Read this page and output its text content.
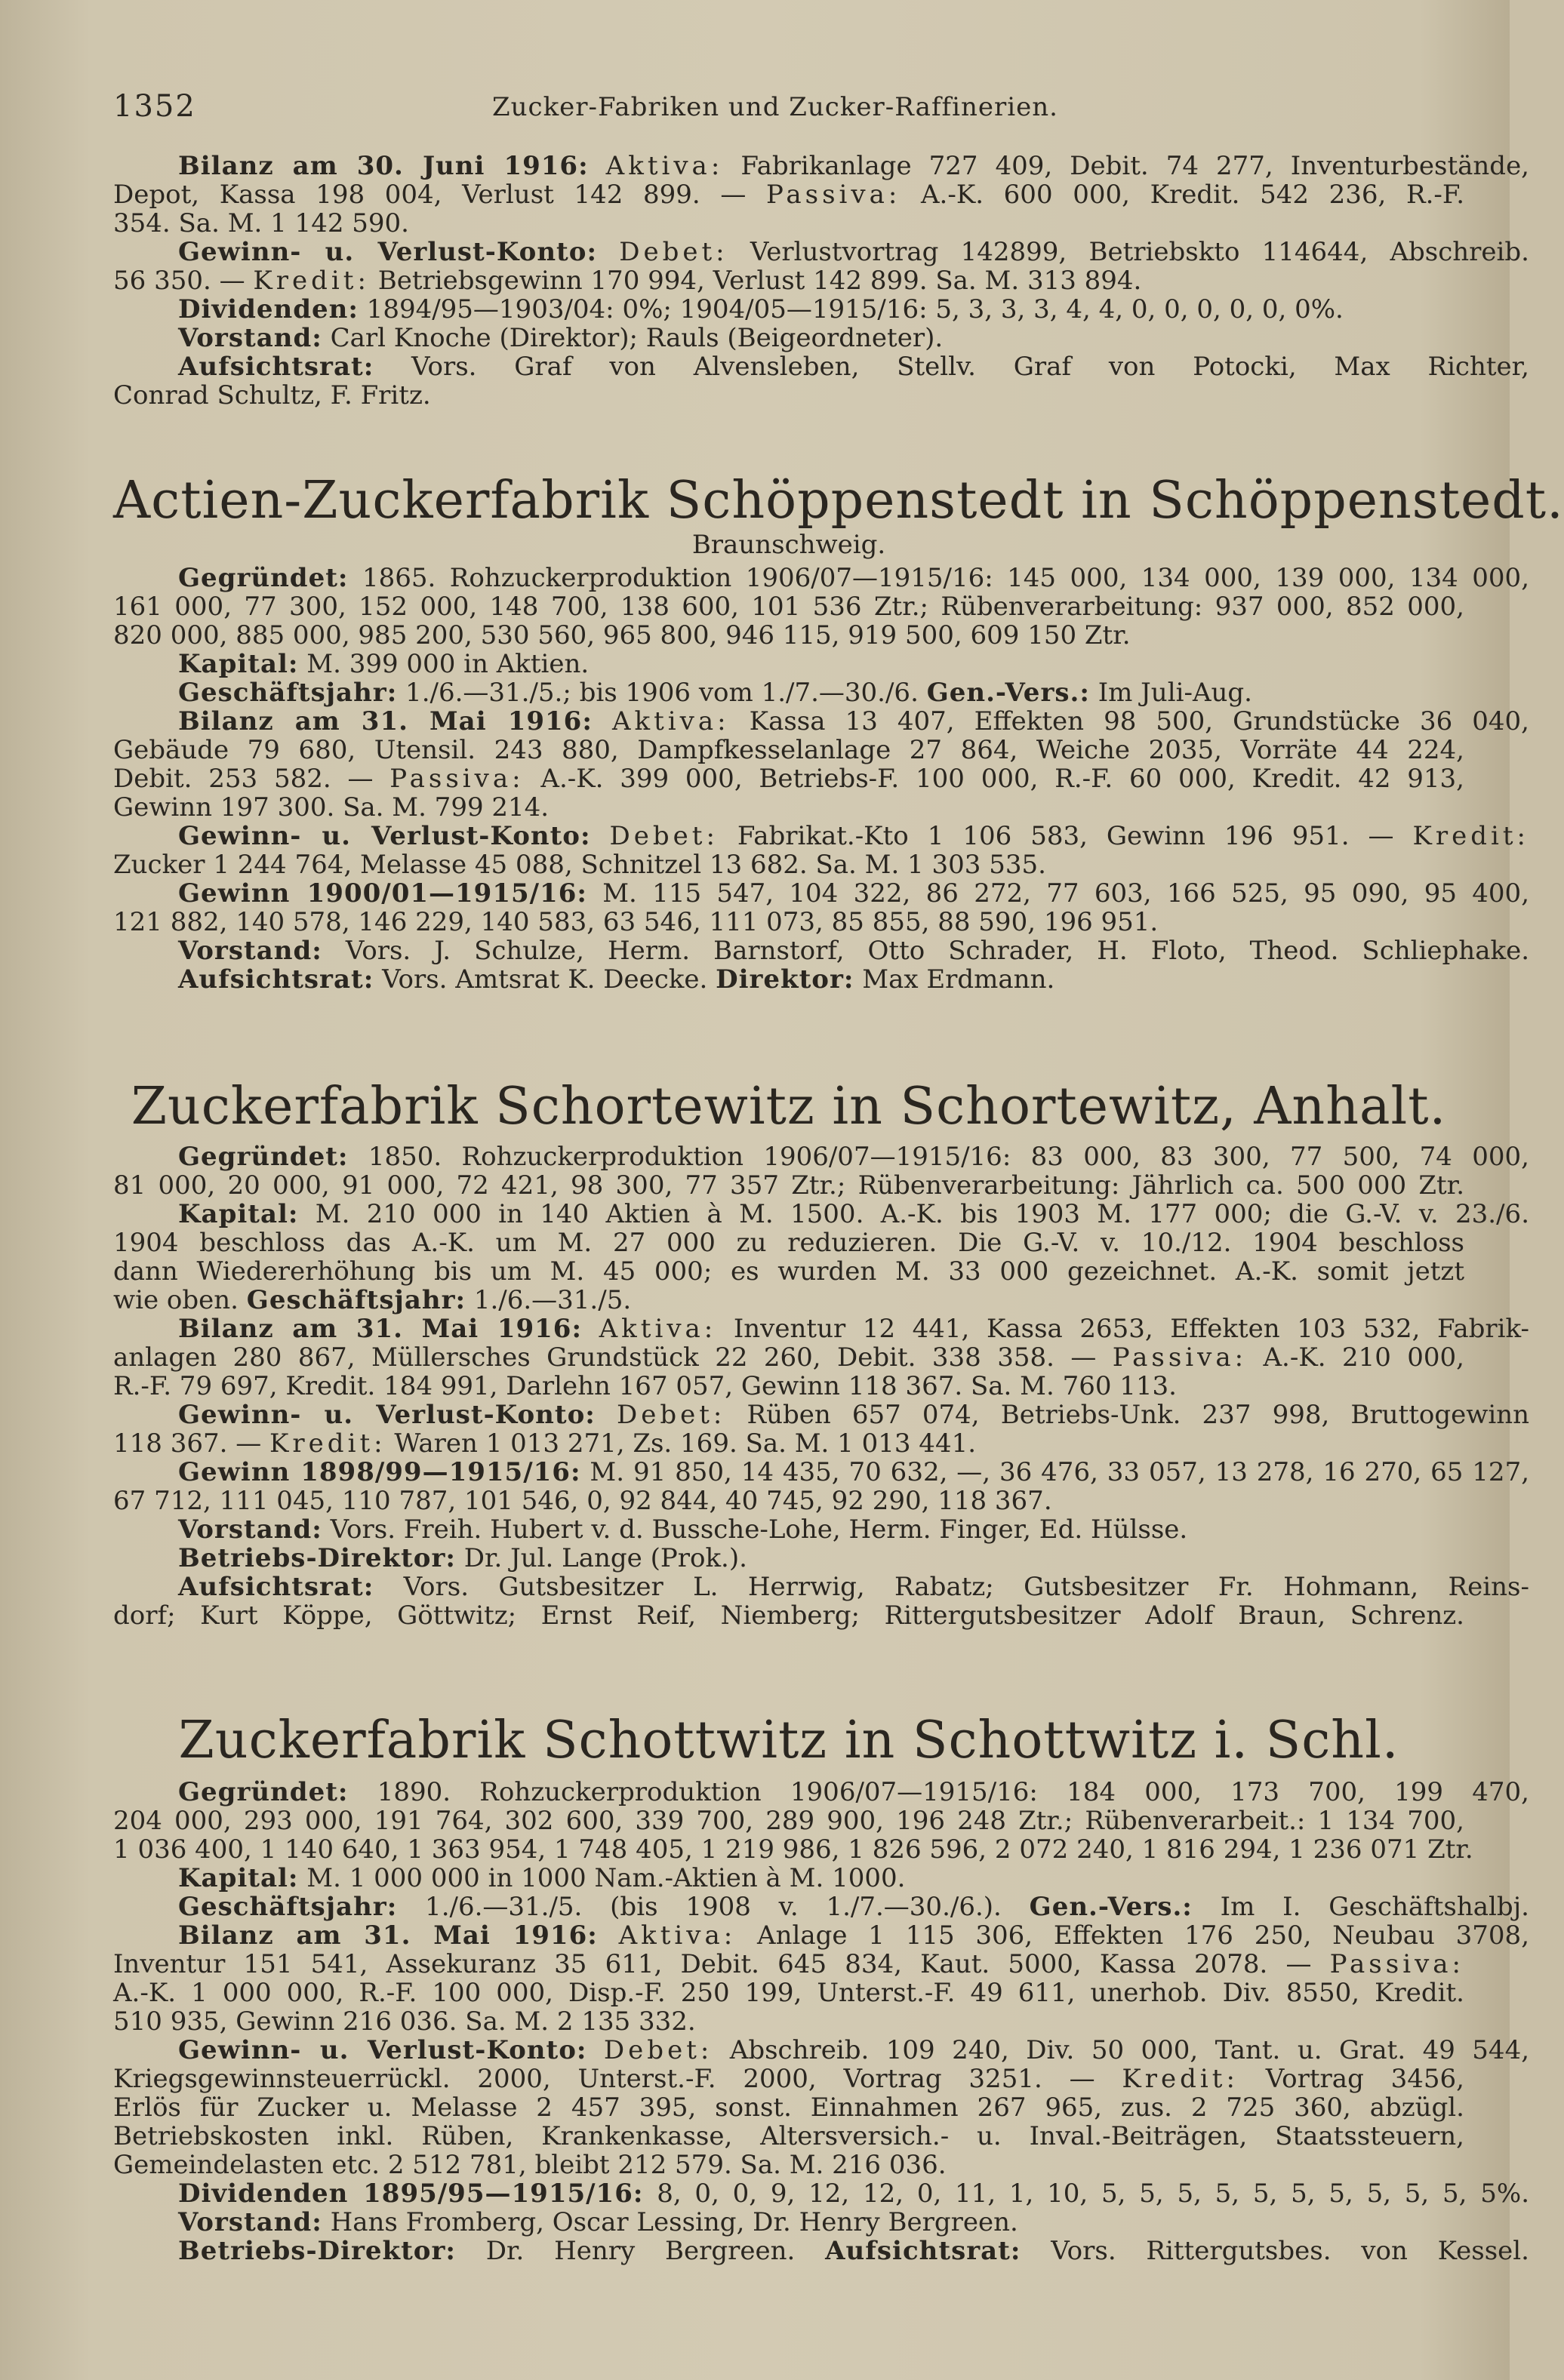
1352	Zucker-Fabriken und Zucker-Raffinerien.
Bilanz am 30. Juni 1916: Aktiva: Fabrikanlage 727 409, Debit. 74 277, Inventurbestände,
Depot, Kassa 198 004, Verlust 142 899. — Passiva: A.-K. 600 000, Kredit. 542 236, R.-F.
354. Sa. M. 1 142 590.
Gewinn- u. Verlust-Konto: Debet: Verlustvortrag 142899, Betriebskto 114644, Abschreib.
56 350. — Kredit: Betriebsgewinn 170 994, Verlust 142 899. Sa. M. 313 894.
Dividenden: 1894/95—1903/04: 0%; 1904/05—1915/16: 5, 3, 3, 3, 4, 4, 0, 0, 0, 0, 0, 0%.
Vorstand: Carl Knoche (Direktor); Rauls (Beigeordneter).
Aufsichtsrat: Vors. Graf von Alvensleben, Stellv. Graf von Potocki, Max Richter,
Conrad Schultz, F. Fritz.
Actien-Zuckerfabrik Schöppenstedt in Schöppenstedt.
Braunschweig.
Gegründet: 1865. Rohzuckerproduktion 1906/07—1915/16: 145 000, 134 000, 139 000, 134 000,
161 000, 77 300, 152 000, 148 700, 138 600, 101 536 Ztr.; Rübenverarbeitung: 937 000, 852 000,
820 000, 885 000, 985 200, 530 560, 965 800, 946 115, 919 500, 609 150 Ztr.
Kapital: M. 399 000 in Aktien.
Geschäftsjahr: 1./6.—31./5.; bis 1906 vom 1./7.—30./6. Gen.-Vers.: Im Juli-Aug.
Bilanz am 31. Mai 1916: Aktiva: Kassa 13 407, Effekten 98 500, Grundstücke 36 040,
Gebäude 79 680, Utensil. 243 880, Dampfkesselanlage 27 864, Weiche 2035, Vorräte 44 224,
Debit. 253 582. — Passiva: A.-K. 399 000, Betriebs-F. 100 000, R.-F. 60 000, Kredit. 42 913,
Gewinn 197 300. Sa. M. 799 214.
Gewinn- u. Verlust-Konto: Debet: Fabrikat.-Kto 1 106 583, Gewinn 196 951. — Kredit:
Zucker 1 244 764, Melasse 45 088, Schnitzel 13 682. Sa. M. 1 303 535.
Gewinn 1900/01—1915/16: M. 115 547, 104 322, 86 272, 77 603, 166 525, 95 090, 95 400,
121 882, 140 578, 146 229, 140 583, 63 546, 111 073, 85 855, 88 590, 196 951.
Vorstand: Vors. J. Schulze, Herm. Barnstorf, Otto Schrader, H. Floto, Theod. Schliephake.
Aufsichtsrat: Vors. Amtsrat K. Deecke. Direktor: Max Erdmann.
Zuckerfabrik Schortewitz in Schortewitz, Anhalt.
Gegründet: 1850. Rohzuckerproduktion 1906/07—1915/16: 83 000, 83 300, 77 500, 74 000,
81 000, 20 000, 91 000, 72 421, 98 300, 77 357 Ztr.; Rübenverarbeitung: Jährlich ca. 500 000 Ztr.
Kapital: M. 210 000 in 140 Aktien à M. 1500. A.-K. bis 1903 M. 177 000; die G.-V. v. 23./6.
1904 beschloss das A.-K. um M. 27 000 zu reduzieren. Die G.-V. v. 10./12. 1904 beschloss
dann Wiedererhöhung bis um M. 45 000; es wurden M. 33 000 gezeichnet. A.-K. somit jetzt
wie oben. Geschäftsjahr: 1./6.—31./5.
Bilanz am 31. Mai 1916: Aktiva: Inventur 12 441, Kassa 2653, Effekten 103 532, Fabrik-
anlagen 280 867, Müllersches Grundstück 22 260, Debit. 338 358. — Passiva: A.-K. 210 000,
R.-F. 79 697, Kredit. 184 991, Darlehn 167 057, Gewinn 118 367. Sa. M. 760 113.
Gewinn- u. Verlust-Konto: Debet: Rüben 657 074, Betriebs-Unk. 237 998, Bruttogewinn
118 367. — Kredit: Waren 1 013 271, Zs. 169. Sa. M. 1 013 441.
Gewinn 1898/99—1915/16: M. 91 850, 14 435, 70 632, —, 36 476, 33 057, 13 278, 16 270, 65 127,
67 712, 111 045, 110 787, 101 546, 0, 92 844, 40 745, 92 290, 118 367.
Vorstand: Vors. Freih. Hubert v. d. Bussche-Lohe, Herm. Finger, Ed. Hülsse.
Betriebs-Direktor: Dr. Jul. Lange (Prok.).
Aufsichtsrat: Vors. Gutsbesitzer L. Herrwig, Rabatz; Gutsbesitzer Fr. Hohmann, Reins-
dorf; Kurt Köppe, Göttwitz; Ernst Reif, Niemberg; Rittergutsbesitzer Adolf Braun, Schrenz.
Zuckerfabrik Schottwitz in Schottwitz i. Schl.
Gegründet: 1890. Rohzuckerproduktion 1906/07—1915/16: 184 000, 173 700, 199 470,
204 000, 293 000, 191 764, 302 600, 339 700, 289 900, 196 248 Ztr.; Rübenverarbeit.: 1 134 700,
1 036 400, 1 140 640, 1 363 954, 1 748 405, 1 219 986, 1 826 596, 2 072 240, 1 816 294, 1 236 071 Ztr.
Kapital: M. 1 000 000 in 1000 Nam.-Aktien à M. 1000.
Geschäftsjahr: 1./6.—31./5. (bis 1908 v. 1./7.—30./6.). Gen.-Vers.: Im I. Geschäftshalbj.
Bilanz am 31. Mai 1916: Aktiva: Anlage 1 115 306, Effekten 176 250, Neubau 3708,
Inventur 151 541, Assekuranz 35 611, Debit. 645 834, Kaut. 5000, Kassa 2078. — Passiva:
A.-K. 1 000 000, R.-F. 100 000, Disp.-F. 250 199, Unterst.-F. 49 611, unerhob. Div. 8550, Kredit.
510 935, Gewinn 216 036. Sa. M. 2 135 332.
Gewinn- u. Verlust-Konto: Debet: Abschreib. 109 240, Div. 50 000, Tant. u. Grat. 49 544,
Kriegsgewinnsteuerrückl. 2000, Unterst.-F. 2000, Vortrag 3251. — Kredit: Vortrag 3456,
Erlös für Zucker u. Melasse 2 457 395, sonst. Einnahmen 267 965, zus. 2 725 360, abzügl.
Betriebskosten inkl. Rüben, Krankenkasse, Altersversich.- u. Inval.-Beiträgen, Staatssteuern,
Gemeindelasten etc. 2 512 781, bleibt 212 579. Sa. M. 216 036.
Dividenden 1895/95—1915/16: 8, 0, 0, 9, 12, 12, 0, 11, 1, 10, 5, 5, 5, 5, 5, 5, 5, 5, 5, 5, 5%.
Vorstand: Hans Fromberg, Oscar Lessing, Dr. Henry Bergreen.
Betriebs-Direktor: Dr. Henry Bergreen. Aufsichtsrat: Vors. Rittergutsbes. von Kessel.
